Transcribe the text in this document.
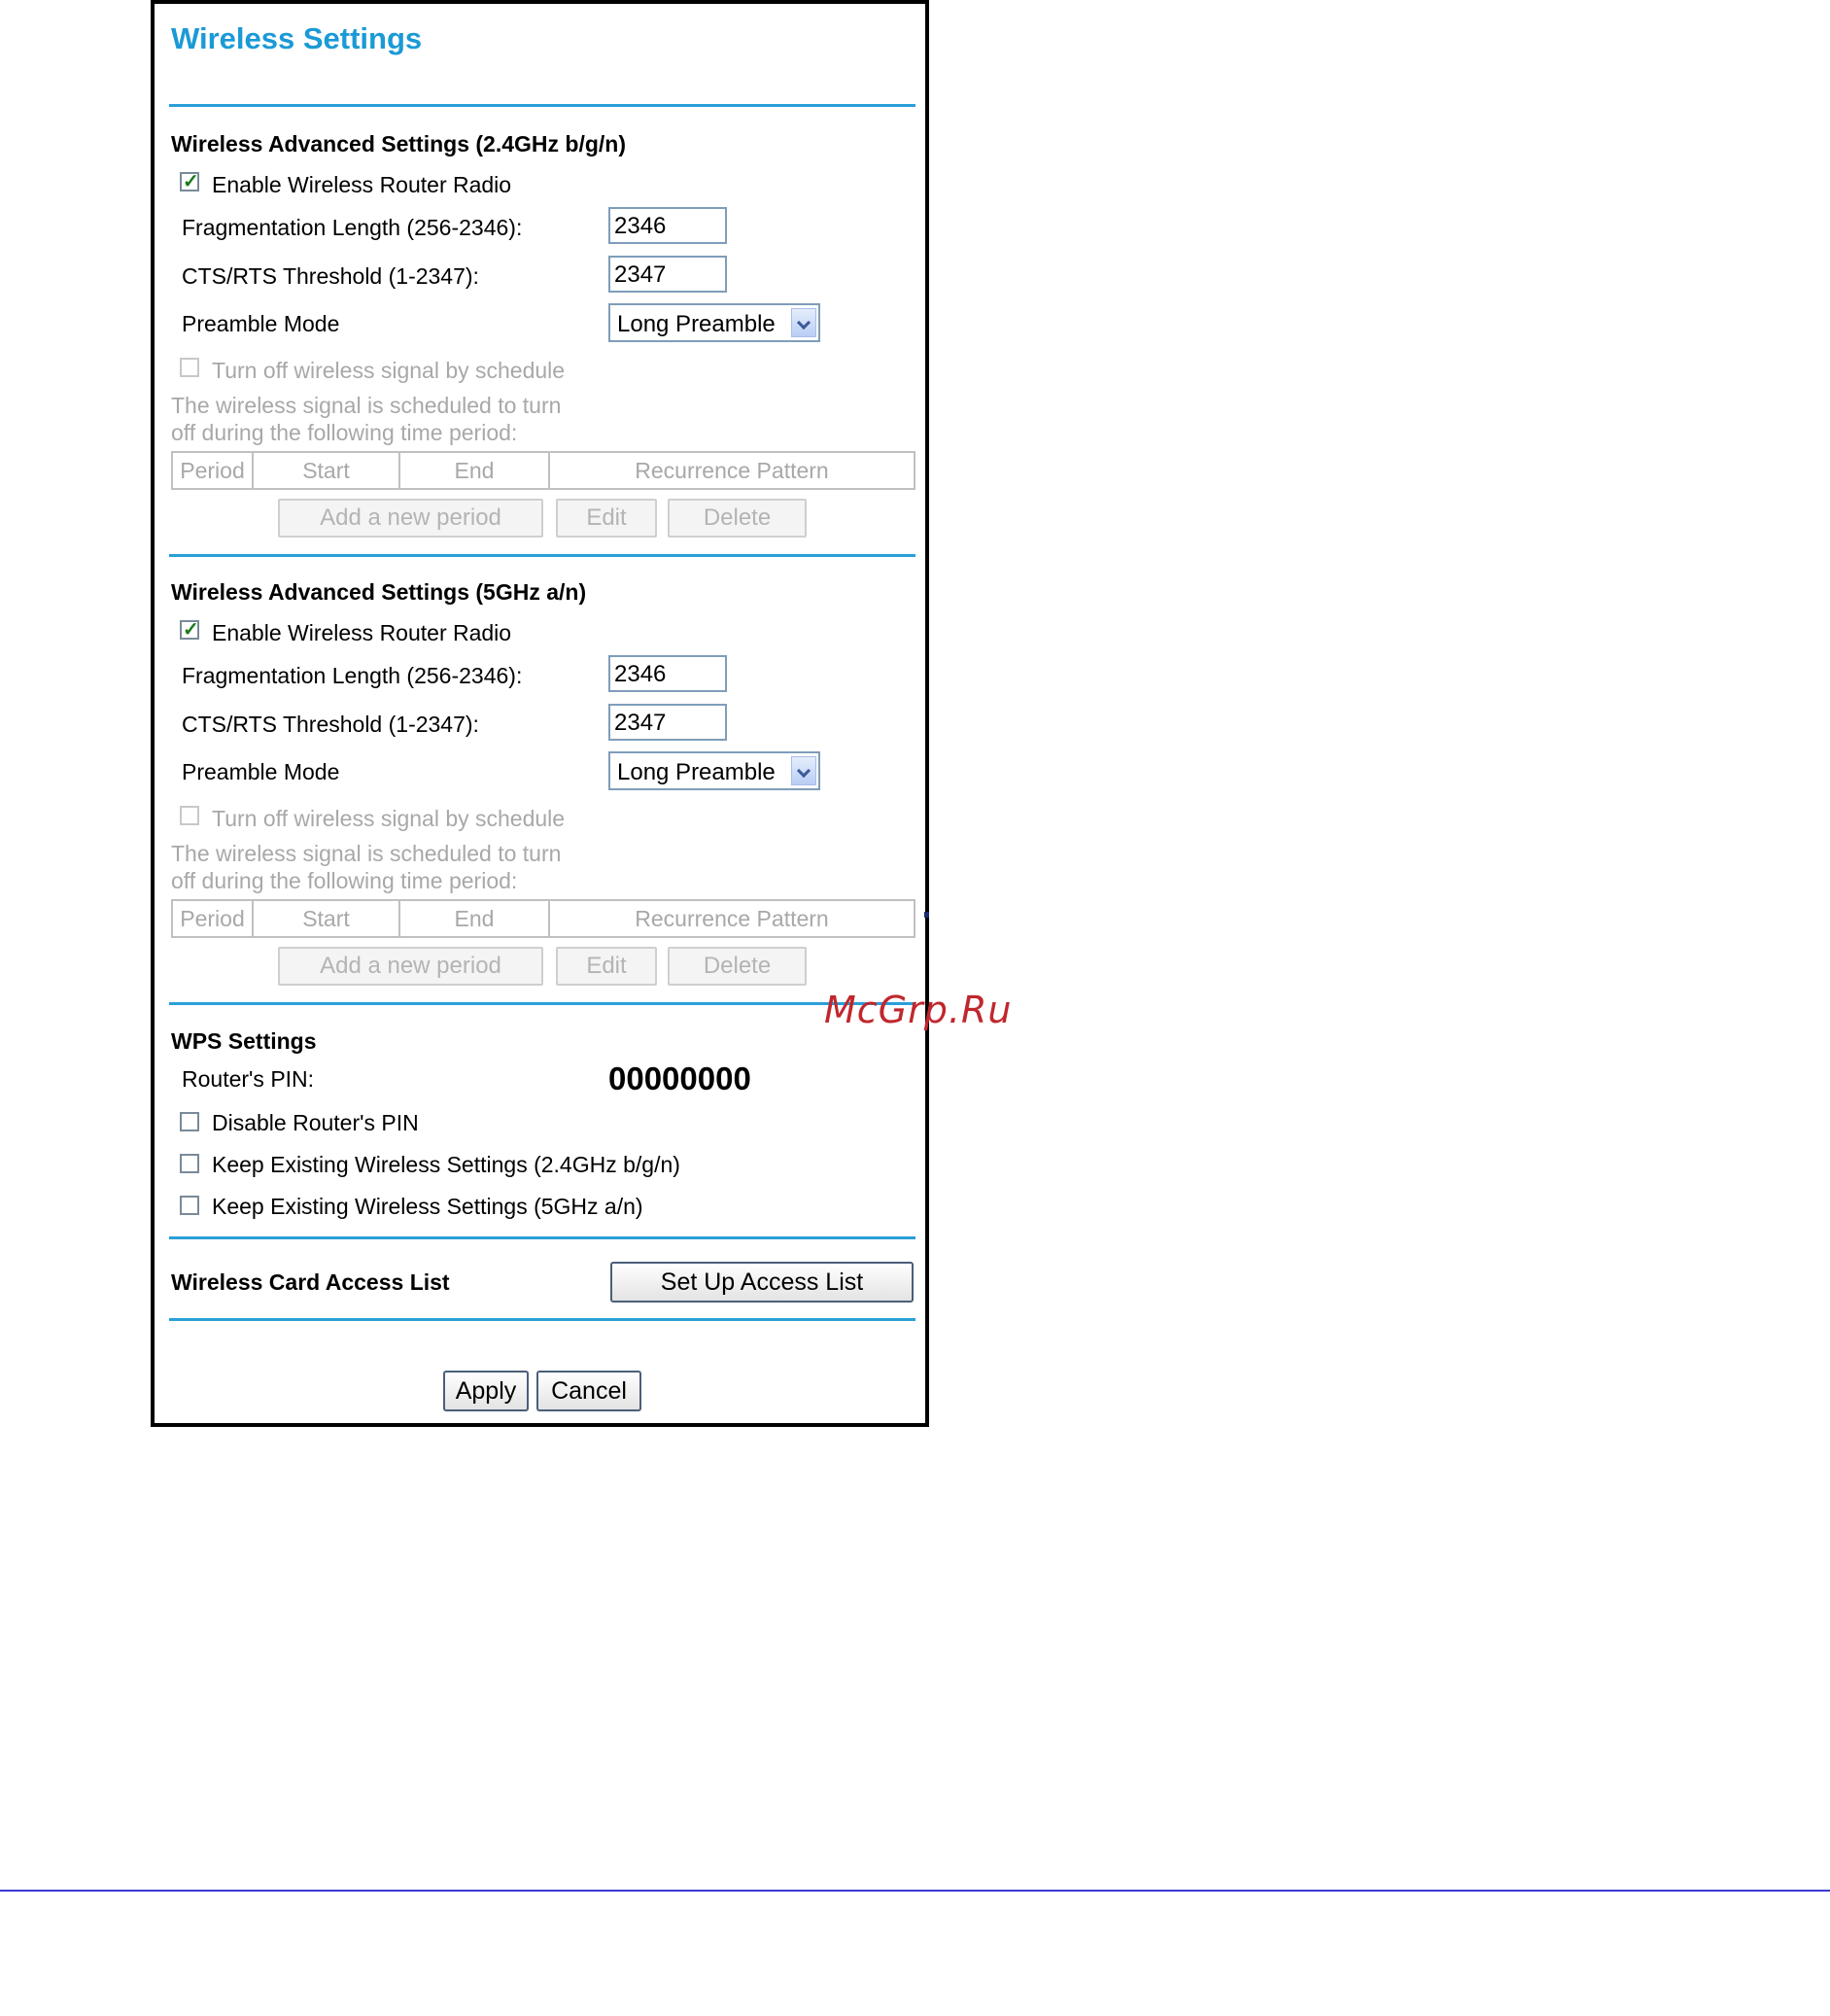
Wireless Settings
Wireless Advanced Settings (2.4GHz b/g/n)
✓
Enable Wireless Router Radio
Fragmentation Length (256-2346):	2346
CTS/RTS Threshold (1-2347):	2347
Preamble Mode	Long Preamble
Turn off wireless signal by schedule
The wireless signal is scheduled to turn
off during the following time period:
Period	Start	End	Recurrence Pattern
Add a new period	Edit	Delete
Wireless Advanced Settings (5GHz a/n)
✓
Enable Wireless Router Radio
Fragmentation Length (256-2346):	2346
CTS/RTS Threshold (1-2347):	2347
Preamble Mode	Long Preamble
Turn off wireless signal by schedule
The wireless signal is scheduled to turn
off during the following time period:
Period	Start	End	Recurrence Pattern
Add a new period	Edit	Delete
WPS Settings
Router's PIN:	00000000
Disable Router's PIN
Keep Existing Wireless Settings (2.4GHz b/g/n)
Keep Existing Wireless Settings (5GHz a/n)
Wireless Card Access List	Set Up Access List
Apply	Cancel
McGrp.Ru
